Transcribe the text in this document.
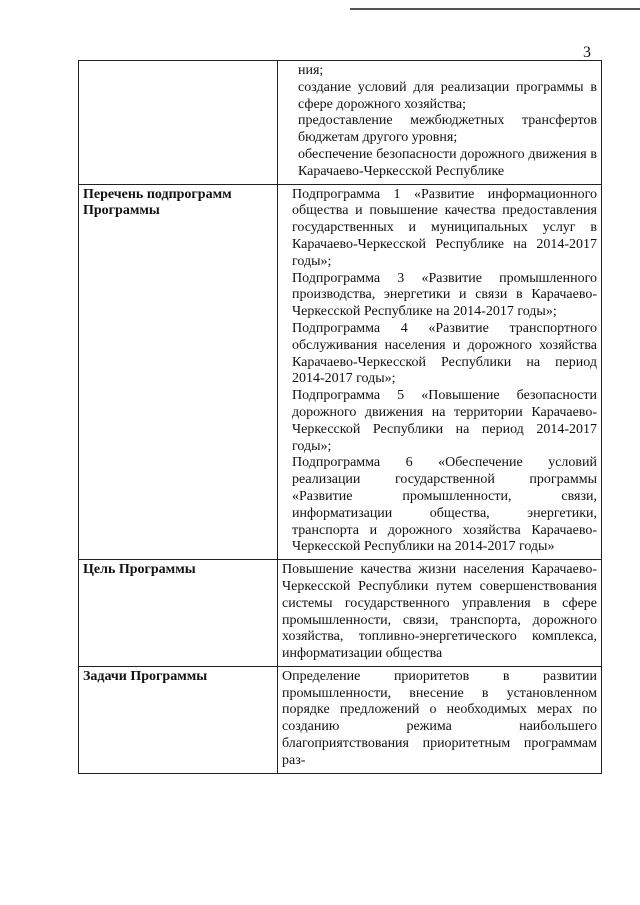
3

	ния;

создание условий для реализации программы в сфере дорожного хозяйства;

предоставление межбюджетных трансфертов бюджетам другого уровня;

обеспечение безопасности дорожного движения в Карачаево-Черкесской Республике

Перечень подпрограмм Программы	Подпрограмма 1 «Развитие информационного общества и повышение качества предоставления государственных и муниципальных услуг в Карачаево-Черкесской Республике на 2014-2017 годы»;

Подпрограмма 3 «Развитие промышленного производства, энергетики и связи в Карачаево-Черкесской Республике на 2014-2017 годы»;

Подпрограмма 4 «Развитие транспортного обслуживания населения и дорожного хозяйства Карачаево-Черкесской Республики на период 2014-2017 годы»;

Подпрограмма 5 «Повышение безопасности дорожного движения на территории Карачаево-Черкесской Республики на период 2014-2017 годы»;

Подпрограмма 6 «Обеспечение условий реализации государственной программы «Развитие промышленности, связи, информатизации общества, энергетики, транспорта и дорожного хозяйства Карачаево-Черкесской Республики на 2014-2017 годы»

Цель Программы	Повышение качества жизни населения Карачаево-Черкесской Республики путем совершенствования системы государственного управления в сфере промышленности, связи, транспорта, дорожного хозяйства, топливно-энергетического комплекса, информатизации общества

Задачи Программы	Определение приоритетов в развитии промышленности, внесение в установленном порядке предложений о необходимых мерах по созданию режима наибольшего благоприятствования приоритетным программам раз-
